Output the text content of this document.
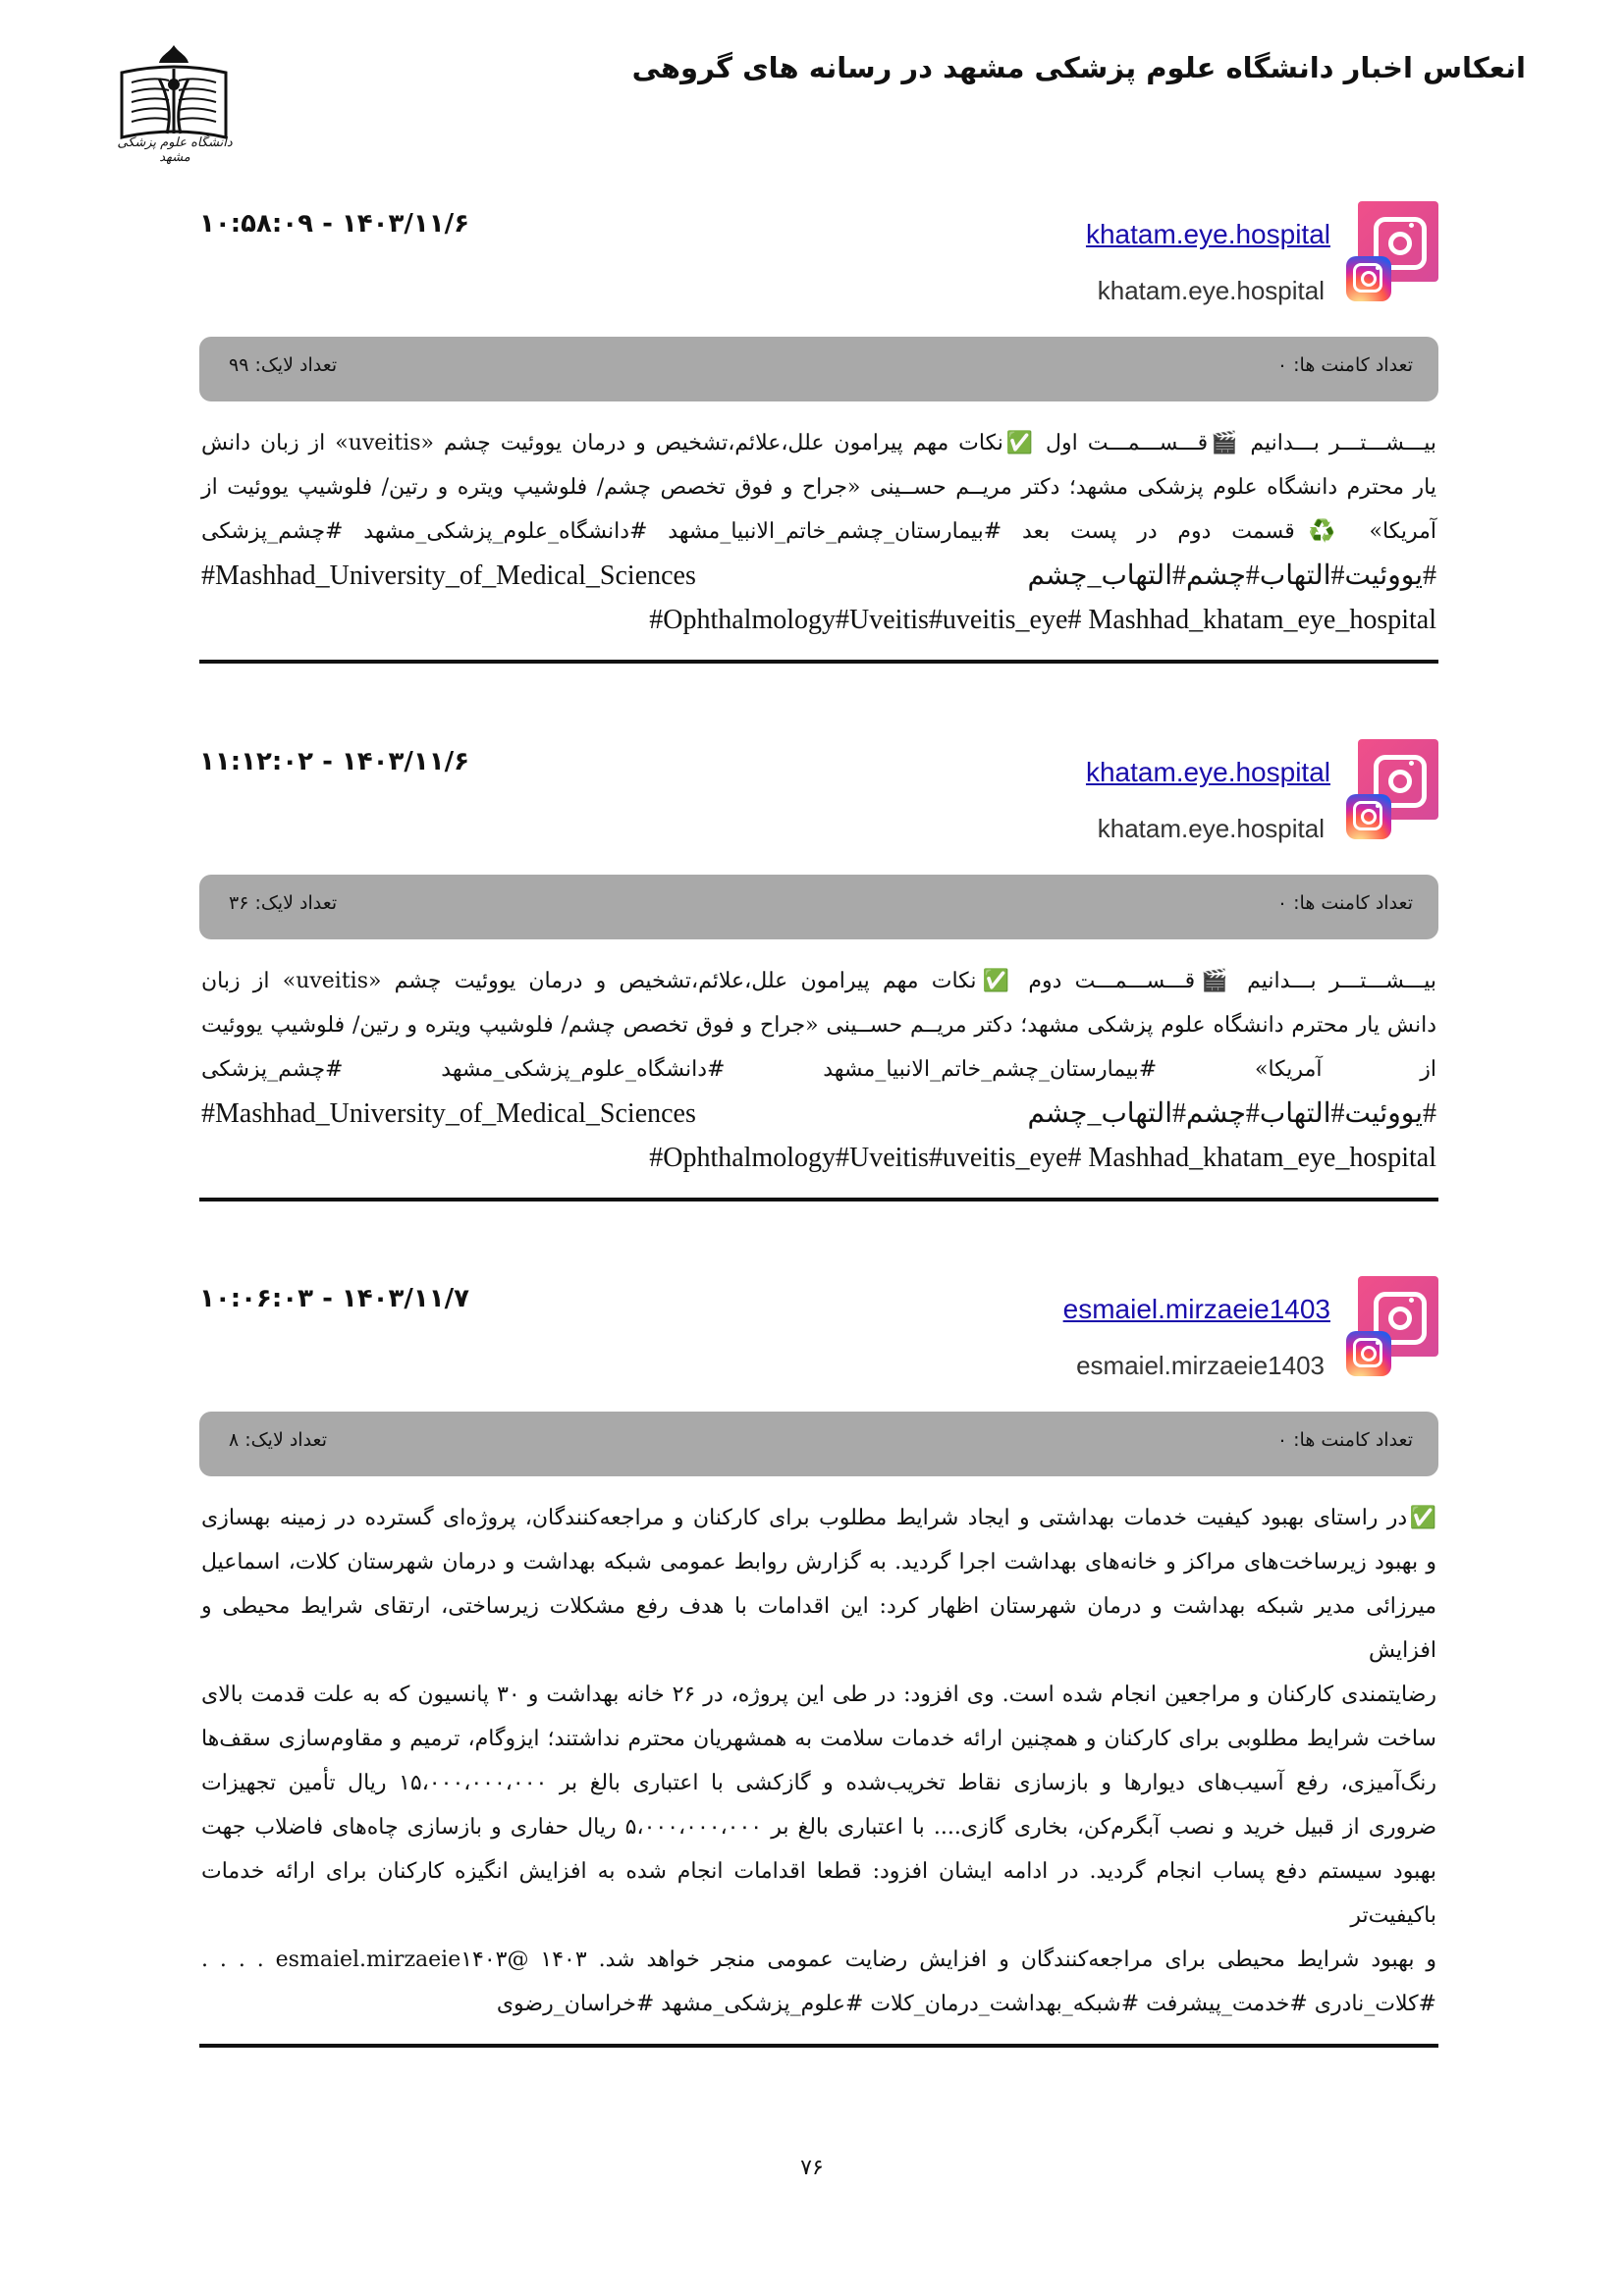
انعکاس اخبار دانشگاه علوم پزشکی مشهد در رسانه های گروهی
دانشگاه علوم پزشکی مشهد
khatam.eye.hospital
khatam.eye.hospital
۱۴۰۳/۱۱/۶ - ۱۰:۵۸:۰۹
تعداد کامنت ها: ۰
تعداد لایک: ۹۹
بیـــشـــتـــر بـــدانیم 🎬قـــســـمـــت اول ✅نکات مهم پیرامون علل،علائم،تشخیص و درمان یووئیت چشم «uveitis» از زبان دانش
یار محترم دانشگاه علوم پزشکی مشهد؛ دکتر مریــم حســینی «جراح و فوق تخصص چشم/ فلوشیپ ویتره و رتین/ فلوشیپ یووئیت از
آمریکا» ♻️قسمت دوم در پست بعد #بیمارستان_چشم_خاتم_الانبیا_مشهد #دانشگاه_علوم_پزشکی_مشهد #چشم_پزشکی
#یووئیت#التهاب#چشم#التهاب_چشم Mashhad_University_of_Medical_Sciences#
Ophthalmology#Uveitis#uveitis_eye# Mashhad_khatam_eye_hospital#
khatam.eye.hospital
khatam.eye.hospital
۱۴۰۳/۱۱/۶ - ۱۱:۱۲:۰۲
تعداد کامنت ها: ۰
تعداد لایک: ۳۶
بیـــشـــتـــر بـــدانیم 🎬قـــســـمـــت دوم ✅نکات مهم پیرامون علل،علائم،تشخیص و درمان یووئیت چشم «uveitis» از زبان
دانش یار محترم دانشگاه علوم پزشکی مشهد؛ دکتر مریــم حســینی «جراح و فوق تخصص چشم/ فلوشیپ ویتره و رتین/ فلوشیپ یووئیت
از آمریکا» #بیمارستان_چشم_خاتم_الانبیا_مشهد #دانشگاه_علوم_پزشکی_مشهد #چشم_پزشکی
#یووئیت#التهاب#چشم#التهاب_چشم Mashhad_University_of_Medical_Sciences#
Ophthalmology#Uveitis#uveitis_eye# Mashhad_khatam_eye_hospital#
esmaiel.mirzaeie1403
esmaiel.mirzaeie1403
۱۴۰۳/۱۱/۷ - ۱۰:۰۶:۰۳
تعداد کامنت ها: ۰
تعداد لایک: ۸
✅در راستای بهبود کیفیت خدمات بهداشتی و ایجاد شرایط مطلوب برای کارکنان و مراجعه‌کنندگان، پروژه‌ای گسترده در زمینه بهسازی
و بهبود زیرساخت‌های مراکز و خانه‌های بهداشت اجرا گردید. به گزارش روابط عمومی شبکه بهداشت و درمان شهرستان کلات، اسماعیل
میرزائی مدیر شبکه بهداشت و درمان شهرستان اظهار کرد: این اقدامات با هدف رفع مشکلات زیرساختی، ارتقای شرایط محیطی و افزایش
رضایتمندی کارکنان و مراجعین انجام شده است. وی افزود: در طی این پروژه، در ۲۶ خانه بهداشت و ۳۰ پانسیون که به علت قدمت بالای
ساخت شرایط مطلوبی برای کارکنان و همچنین ارائه خدمات سلامت به همشهریان محترم نداشتند؛ ایزوگام، ترمیم و مقاوم‌سازی سقف‌ها
رنگ‌آمیزی، رفع آسیب‌های دیوارها و بازسازی نقاط تخریب‌شده و گازکشی با اعتباری بالغ بر ۱۵،۰۰۰،۰۰۰،۰۰۰ ریال تأمین تجهیزات
ضروری از قبیل خرید و نصب آبگرم‌کن، بخاری گازی.... با اعتباری بالغ بر ۵،۰۰۰،۰۰۰،۰۰۰ ریال حفاری و بازسازی چاه‌های فاضلاب جهت
بهبود سیستم دفع پساب انجام گردید. در ادامه ایشان افزود: قطعا اقدامات انجام شده به افزایش انگیزه کارکنان برای ارائه خدمات باکیفیت‌تر
و بهبود شرایط محیطی برای مراجعه‌کنندگان و افزایش رضایت عمومی منجر خواهد شد. ۱۴۰۳ @esmaiel.mirzaeie۱۴۰۳ . . . .
#کلات_نادری #خدمت_پیشرفت #شبکه_بهداشت_درمان_کلات #علوم_پزشکی_مشهد #خراسان_رضوی
۷۶
